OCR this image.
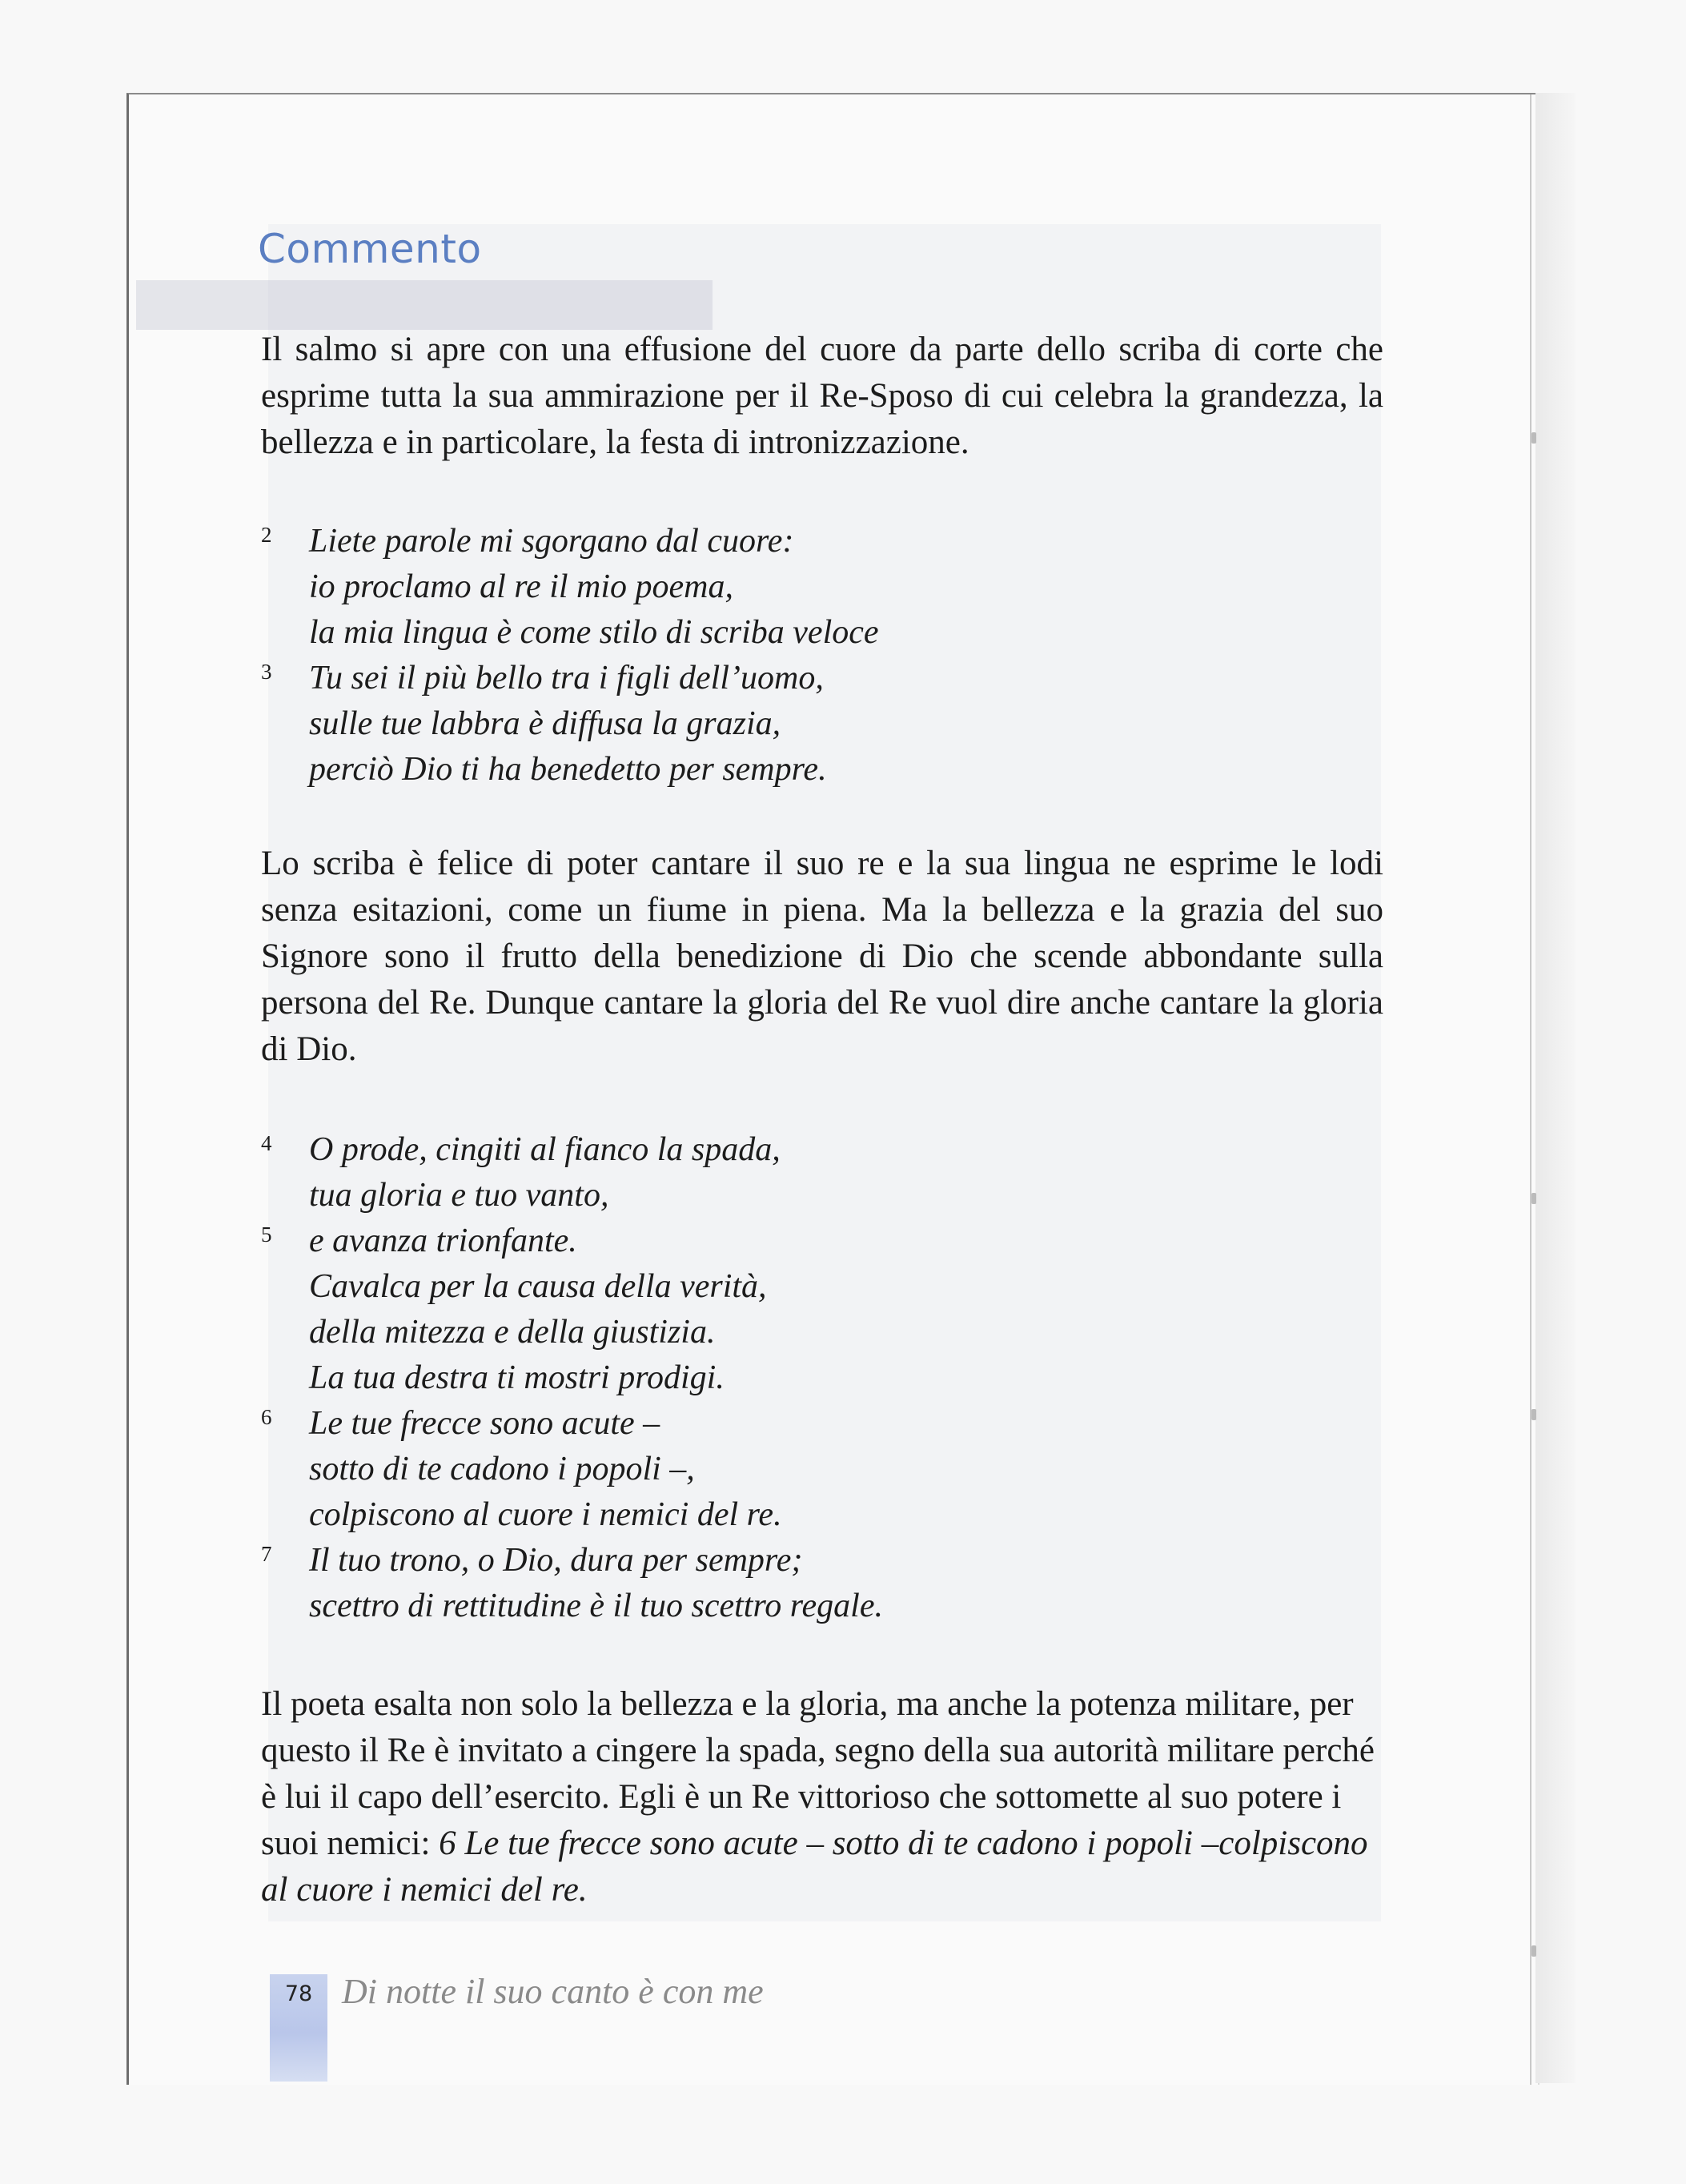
Commento
Il salmo si apre con una effusione del cuore da parte dello scriba di corte che esprime tutta la sua ammirazione per il Re-Sposo di cui celebra la grandezza, la bellezza e in particolare, la festa di intronizzazione.
2 Liete parole mi sgorgano dal cuore:
io proclamo al re il mio poema,
la mia lingua è come stilo di scriba veloce
3 Tu sei il più bello tra i figli dell’uomo,
sulle tue labbra è diffusa la grazia,
perciò Dio ti ha benedetto per sempre.
Lo scriba è felice di poter cantare il suo re e la sua lingua ne esprime le lodi senza esitazioni, come un fiume in piena. Ma la bellezza e la grazia del suo Signore sono il frutto della benedizione di Dio che scende abbondante sulla persona del Re. Dunque cantare la gloria del Re vuol dire anche cantare la gloria di Dio.
4 O prode, cingiti al fianco la spada,
tua gloria e tuo vanto,
5 e avanza trionfante.
Cavalca per la causa della verità,
della mitezza e della giustizia.
La tua destra ti mostri prodigi.
6 Le tue frecce sono acute –
sotto di te cadono i popoli –,
colpiscono al cuore i nemici del re.
7 Il tuo trono, o Dio, dura per sempre;
scettro di rettitudine è il tuo scettro regale.
Il poeta esalta non solo la bellezza e la gloria, ma anche la potenza militare, per questo il Re è invitato a cingere la spada, segno della sua autorità militare perché è lui il capo dell’esercito. Egli è un Re vittorioso che sottomette al suo potere i suoi nemici: 6 Le tue frecce sono acute – sotto di te cadono i popoli –colpiscono al cuore i nemici del re.
78 Di notte il suo canto è con me
